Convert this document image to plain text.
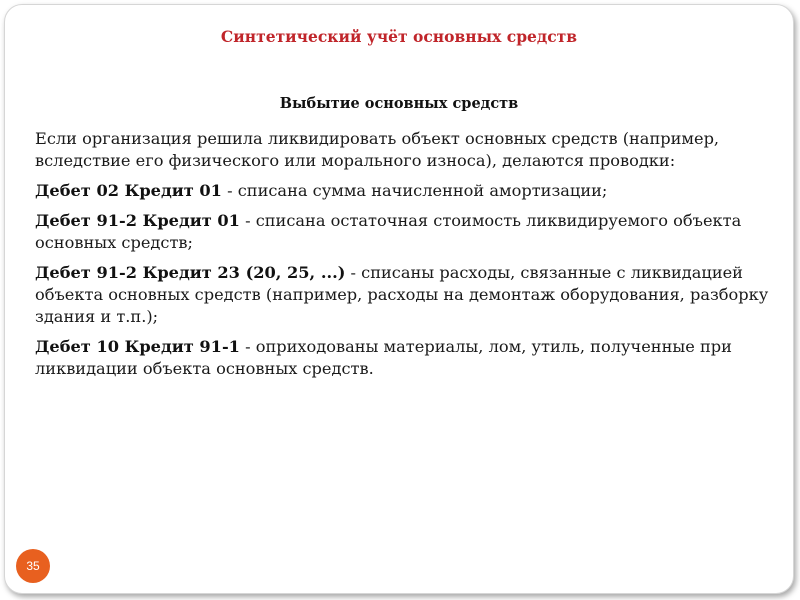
Синтетический учёт основных средств
Выбытие основных средств

Если организация решила ликвидировать объект основных средств (например, вследствие его физического или морального износа), делаются проводки:

Дебет 02 Кредит 01 - списана сумма начисленной амортизации;

Дебет 91-2 Кредит 01 - списана остаточная стоимость ликвидируемого объекта основных средств;

Дебет 91-2 Кредит 23 (20, 25, ...) - списаны расходы, связанные с ликвидацией объекта основных средств (например, расходы на демонтаж оборудования, разборку здания и т.п.);

Дебет 10 Кредит 91-1 - оприходованы материалы, лом, утиль, полученные при ликвидации объекта основных средств.

35
